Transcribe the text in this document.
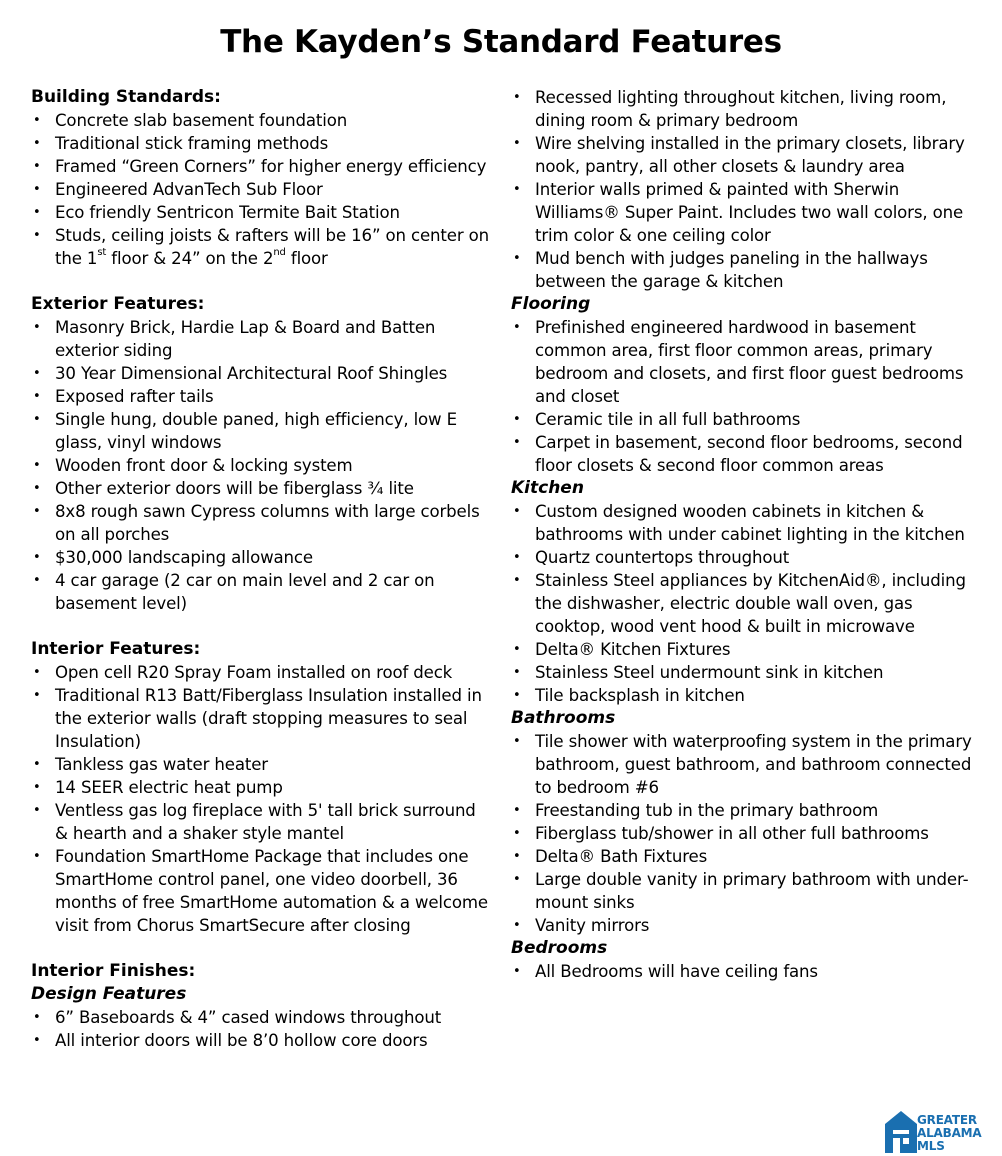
The Kayden’s Standard Features
Building Standards:
• Concrete slab basement foundation
• Traditional stick framing methods
• Framed “Green Corners” for higher energy efficiency
• Engineered AdvanTech Sub Floor
• Eco friendly Sentricon Termite Bait Station
• Studs, ceiling joists & rafters will be 16” on center on the 1st floor & 24” on the 2nd floor
Exterior Features:
• Masonry Brick, Hardie Lap & Board and Batten exterior siding
• 30 Year Dimensional Architectural Roof Shingles
• Exposed rafter tails
• Single hung, double paned, high efficiency, low E glass, vinyl windows
• Wooden front door & locking system
• Other exterior doors will be fiberglass ¾ lite
• 8x8 rough sawn Cypress columns with large corbels on all porches
• $30,000 landscaping allowance
• 4 car garage (2 car on main level and 2 car on basement level)
Interior Features:
• Open cell R20 Spray Foam installed on roof deck
• Traditional R13 Batt/Fiberglass Insulation installed in the exterior walls (draft stopping measures to seal Insulation)
• Tankless gas water heater
• 14 SEER electric heat pump
• Ventless gas log fireplace with 5' tall brick surround & hearth and a shaker style mantel
• Foundation SmartHome Package that includes one SmartHome control panel, one video doorbell, 36 months of free SmartHome automation & a welcome visit from Chorus SmartSecure after closing
Interior Finishes:
Design Features
• 6” Baseboards & 4” cased windows throughout
• All interior doors will be 8’0 hollow core doors
• Recessed lighting throughout kitchen, living room, dining room & primary bedroom
• Wire shelving installed in the primary closets, library nook, pantry, all other closets & laundry area
• Interior walls primed & painted with Sherwin Williams® Super Paint. Includes two wall colors, one trim color & one ceiling color
• Mud bench with judges paneling in the hallways between the garage & kitchen
Flooring
• Prefinished engineered hardwood in basement common area, first floor common areas, primary bedroom and closets, and first floor guest bedrooms and closet
• Ceramic tile in all full bathrooms
• Carpet in basement, second floor bedrooms, second floor closets & second floor common areas
Kitchen
• Custom designed wooden cabinets in kitchen & bathrooms with under cabinet lighting in the kitchen
• Quartz countertops throughout
• Stainless Steel appliances by KitchenAid®, including the dishwasher, electric double wall oven, gas cooktop, wood vent hood & built in microwave
• Delta® Kitchen Fixtures
• Stainless Steel undermount sink in kitchen
• Tile backsplash in kitchen
Bathrooms
• Tile shower with waterproofing system in the primary bathroom, guest bathroom, and bathroom connected to bedroom #6
• Freestanding tub in the primary bathroom
• Fiberglass tub/shower in all other full bathrooms
• Delta® Bath Fixtures
• Large double vanity in primary bathroom with under-mount sinks
• Vanity mirrors
Bedrooms
• All Bedrooms will have ceiling fans
GREATER
ALABAMA
MLS
